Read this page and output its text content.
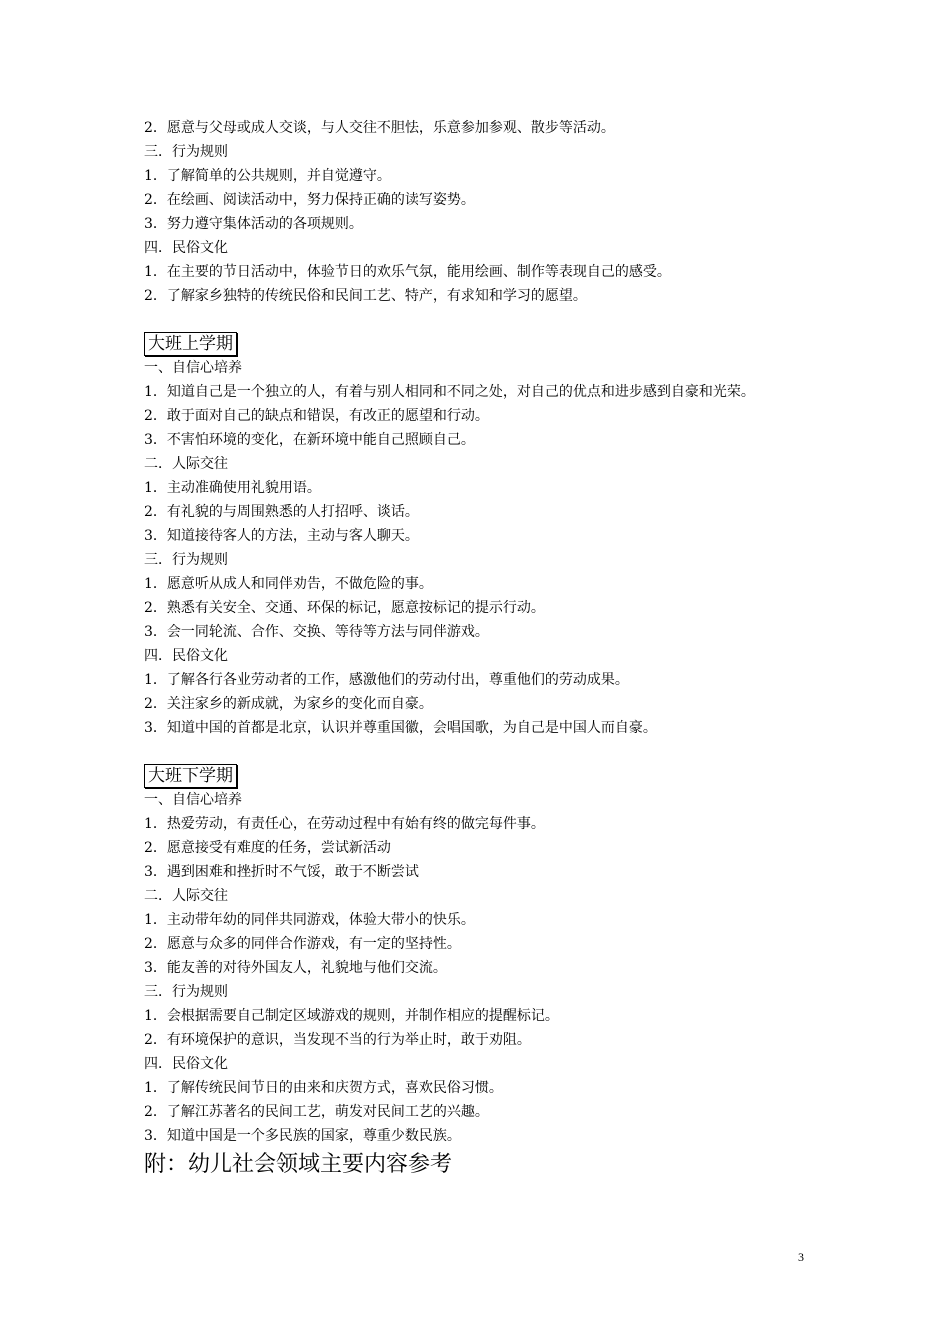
2．愿意与父母或成人交谈，与人交往不胆怯，乐意参加参观、散步等活动。
三．行为规则
1．了解简单的公共规则，并自觉遵守。
2．在绘画、阅读活动中，努力保持正确的读写姿势。
3．努力遵守集体活动的各项规则。
四．民俗文化
1．在主要的节日活动中，体验节日的欢乐气氛，能用绘画、制作等表现自己的感受。
2．了解家乡独特的传统民俗和民间工艺、特产，有求知和学习的愿望。
大班上学期
一、自信心培养
1．知道自己是一个独立的人，有着与别人相同和不同之处，对自己的优点和进步感到自豪和光荣。
2．敢于面对自己的缺点和错误，有改正的愿望和行动。
3．不害怕环境的变化，在新环境中能自己照顾自己。
二．人际交往
1．主动准确使用礼貌用语。
2．有礼貌的与周围熟悉的人打招呼、谈话。
3．知道接待客人的方法，主动与客人聊天。
三．行为规则
1．愿意听从成人和同伴劝告，不做危险的事。
2．熟悉有关安全、交通、环保的标记，愿意按标记的提示行动。
3．会一同轮流、合作、交换、等待等方法与同伴游戏。
四．民俗文化
1．了解各行各业劳动者的工作，感激他们的劳动付出，尊重他们的劳动成果。
2．关注家乡的新成就，为家乡的变化而自豪。
3．知道中国的首都是北京，认识并尊重国徽，会唱国歌，为自己是中国人而自豪。
大班下学期
一、自信心培养
1．热爱劳动，有责任心，在劳动过程中有始有终的做完每件事。
2．愿意接受有难度的任务，尝试新活动
3．遇到困难和挫折时不气馁，敢于不断尝试
二．人际交往
1．主动带年幼的同伴共同游戏，体验大带小的快乐。
2．愿意与众多的同伴合作游戏，有一定的坚持性。
3．能友善的对待外国友人，礼貌地与他们交流。
三．行为规则
1．会根据需要自己制定区域游戏的规则，并制作相应的提醒标记。
2．有环境保护的意识，当发现不当的行为举止时，敢于劝阻。
四．民俗文化
1．了解传统民间节日的由来和庆贺方式，喜欢民俗习惯。
2．了解江苏著名的民间工艺，萌发对民间工艺的兴趣。
3．知道中国是一个多民族的国家，尊重少数民族。
附：幼儿社会领域主要内容参考
3
